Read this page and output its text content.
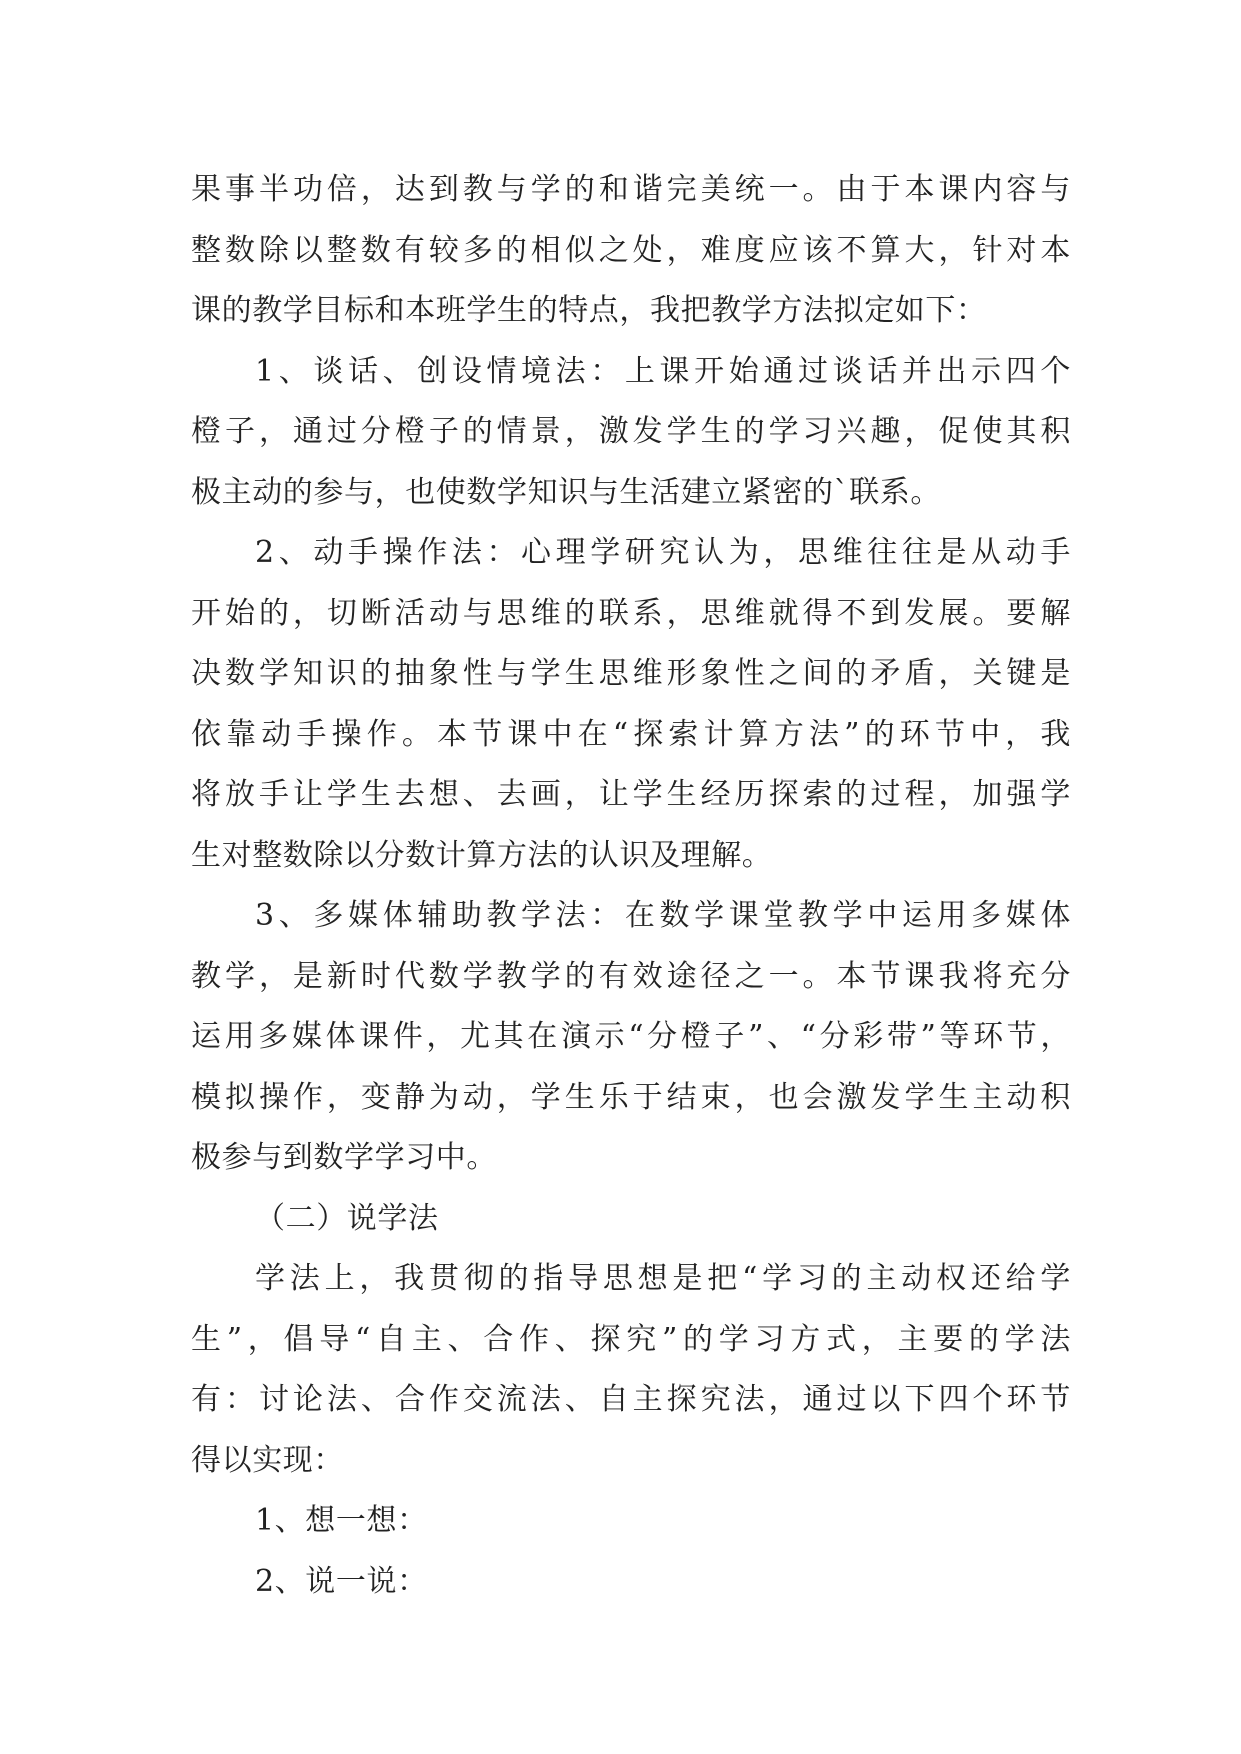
果事半功倍，达到教与学的和谐完美统一。由于本课内容与

整数除以整数有较多的相似之处，难度应该不算大，针对本

课的教学目标和本班学生的特点，我把教学方法拟定如下：

1、谈话、创设情境法：上课开始通过谈话并出示四个

橙子，通过分橙子的情景，激发学生的学习兴趣，促使其积

极主动的参与，也使数学知识与生活建立紧密的`联系。

2、动手操作法：心理学研究认为，思维往往是从动手

开始的，切断活动与思维的联系，思维就得不到发展。要解

决数学知识的抽象性与学生思维形象性之间的矛盾，关键是

依靠动手操作。本节课中在“探索计算方法”的环节中，我

将放手让学生去想、去画，让学生经历探索的过程，加强学

生对整数除以分数计算方法的认识及理解。

3、多媒体辅助教学法：在数学课堂教学中运用多媒体

教学，是新时代数学教学的有效途径之一。本节课我将充分

运用多媒体课件，尤其在演示“分橙子”、“分彩带”等环节，

模拟操作，变静为动，学生乐于结束，也会激发学生主动积

极参与到数学学习中。

（二）说学法

学法上，我贯彻的指导思想是把“学习的主动权还给学

生”，倡导“自主、合作、探究”的学习方式，主要的学法

有：讨论法、合作交流法、自主探究法，通过以下四个环节

得以实现：

1、想一想：

2、说一说：
